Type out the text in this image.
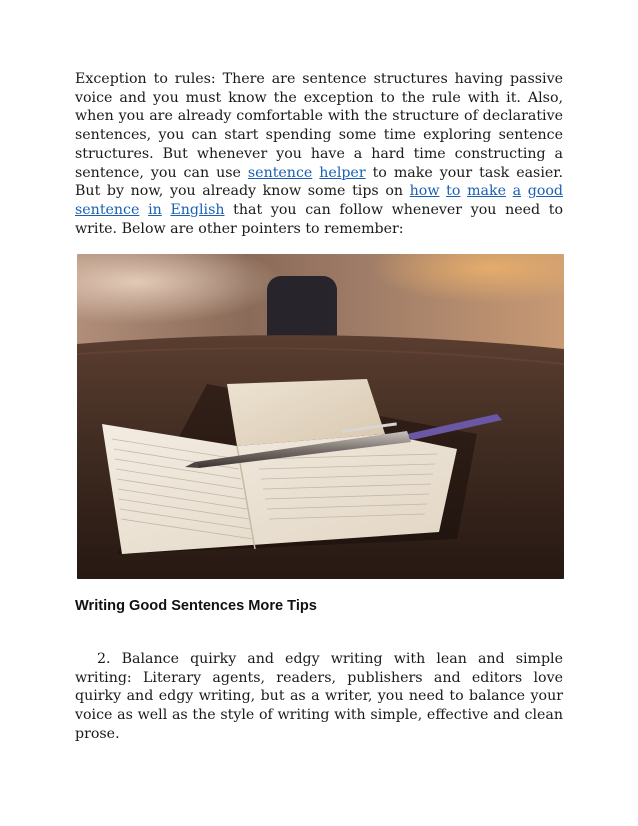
Exception to rules: There are sentence structures having passive voice and you must know the exception to the rule with it. Also, when you are already comfortable with the structure of declarative sentences, you can start spending some time exploring sentence structures. But whenever you have a hard time constructing a sentence, you can use sentence helper to make your task easier. But by now, you already know some tips on how to make a good sentence in English that you can follow whenever you need to write. Below are other pointers to remember:

Writing Good Sentences More Tips

2. Balance quirky and edgy writing with lean and simple writing: Literary agents, readers, publishers and editors love quirky and edgy writing, but as a writer, you need to balance your voice as well as the style of writing with simple, effective and clean prose.
